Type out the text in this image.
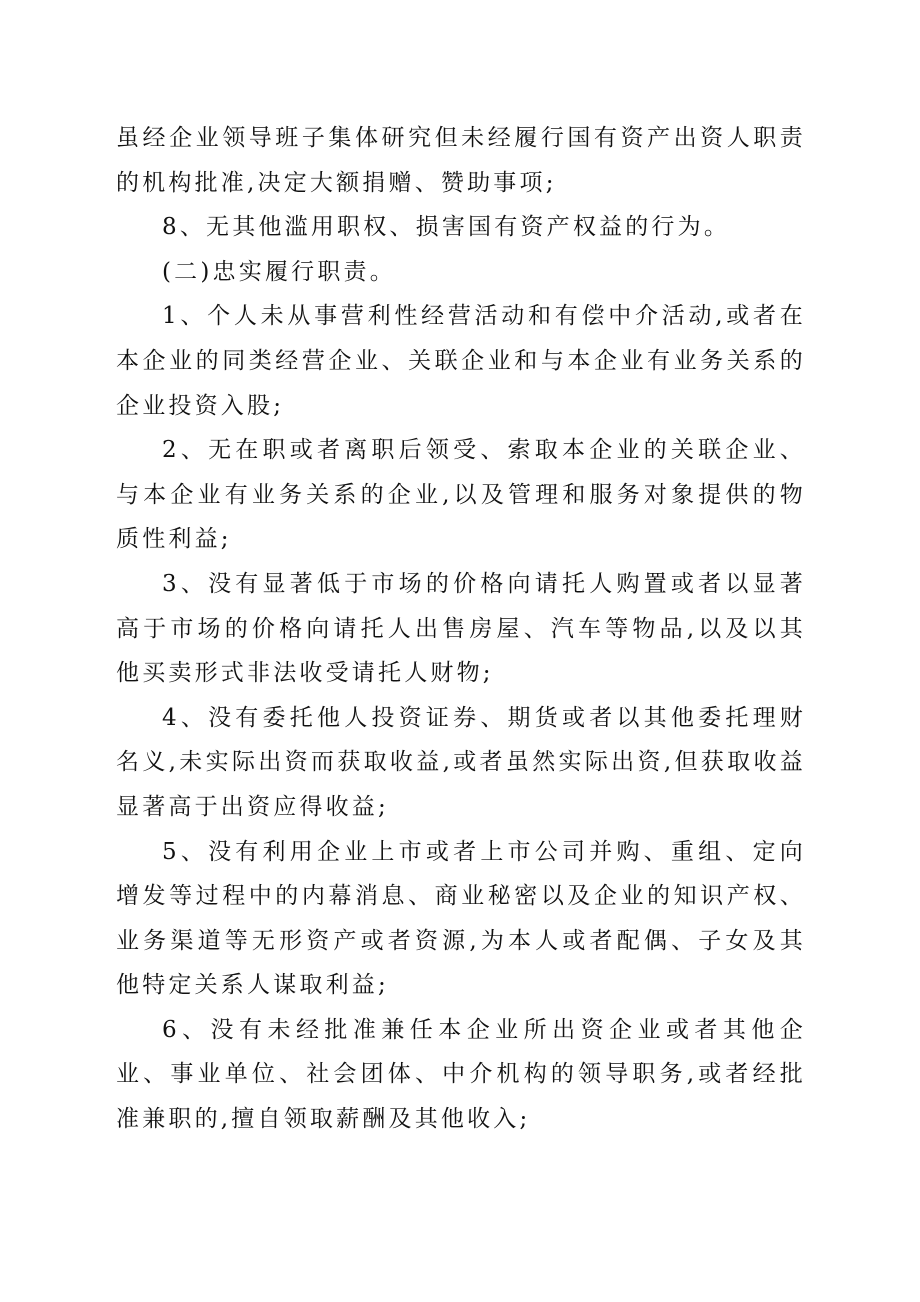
虽经企业领导班子集体研究但未经履行国有资产出资人职责的机构批准,决定大额捐赠、赞助事项;

8、无其他滥用职权、损害国有资产权益的行为。

(二)忠实履行职责。

1、个人未从事营利性经营活动和有偿中介活动,或者在本企业的同类经营企业、关联企业和与本企业有业务关系的企业投资入股;

2、无在职或者离职后领受、索取本企业的关联企业、与本企业有业务关系的企业,以及管理和服务对象提供的物质性利益;

3、没有显著低于市场的价格向请托人购置或者以显著高于市场的价格向请托人出售房屋、汽车等物品,以及以其他买卖形式非法收受请托人财物;

4、没有委托他人投资证券、期货或者以其他委托理财名义,未实际出资而获取收益,或者虽然实际出资,但获取收益显著高于出资应得收益;

5、没有利用企业上市或者上市公司并购、重组、定向增发等过程中的内幕消息、商业秘密以及企业的知识产权、业务渠道等无形资产或者资源,为本人或者配偶、子女及其他特定关系人谋取利益;

6、没有未经批准兼任本企业所出资企业或者其他企业、事业单位、社会团体、中介机构的领导职务,或者经批准兼职的,擅自领取薪酬及其他收入;
